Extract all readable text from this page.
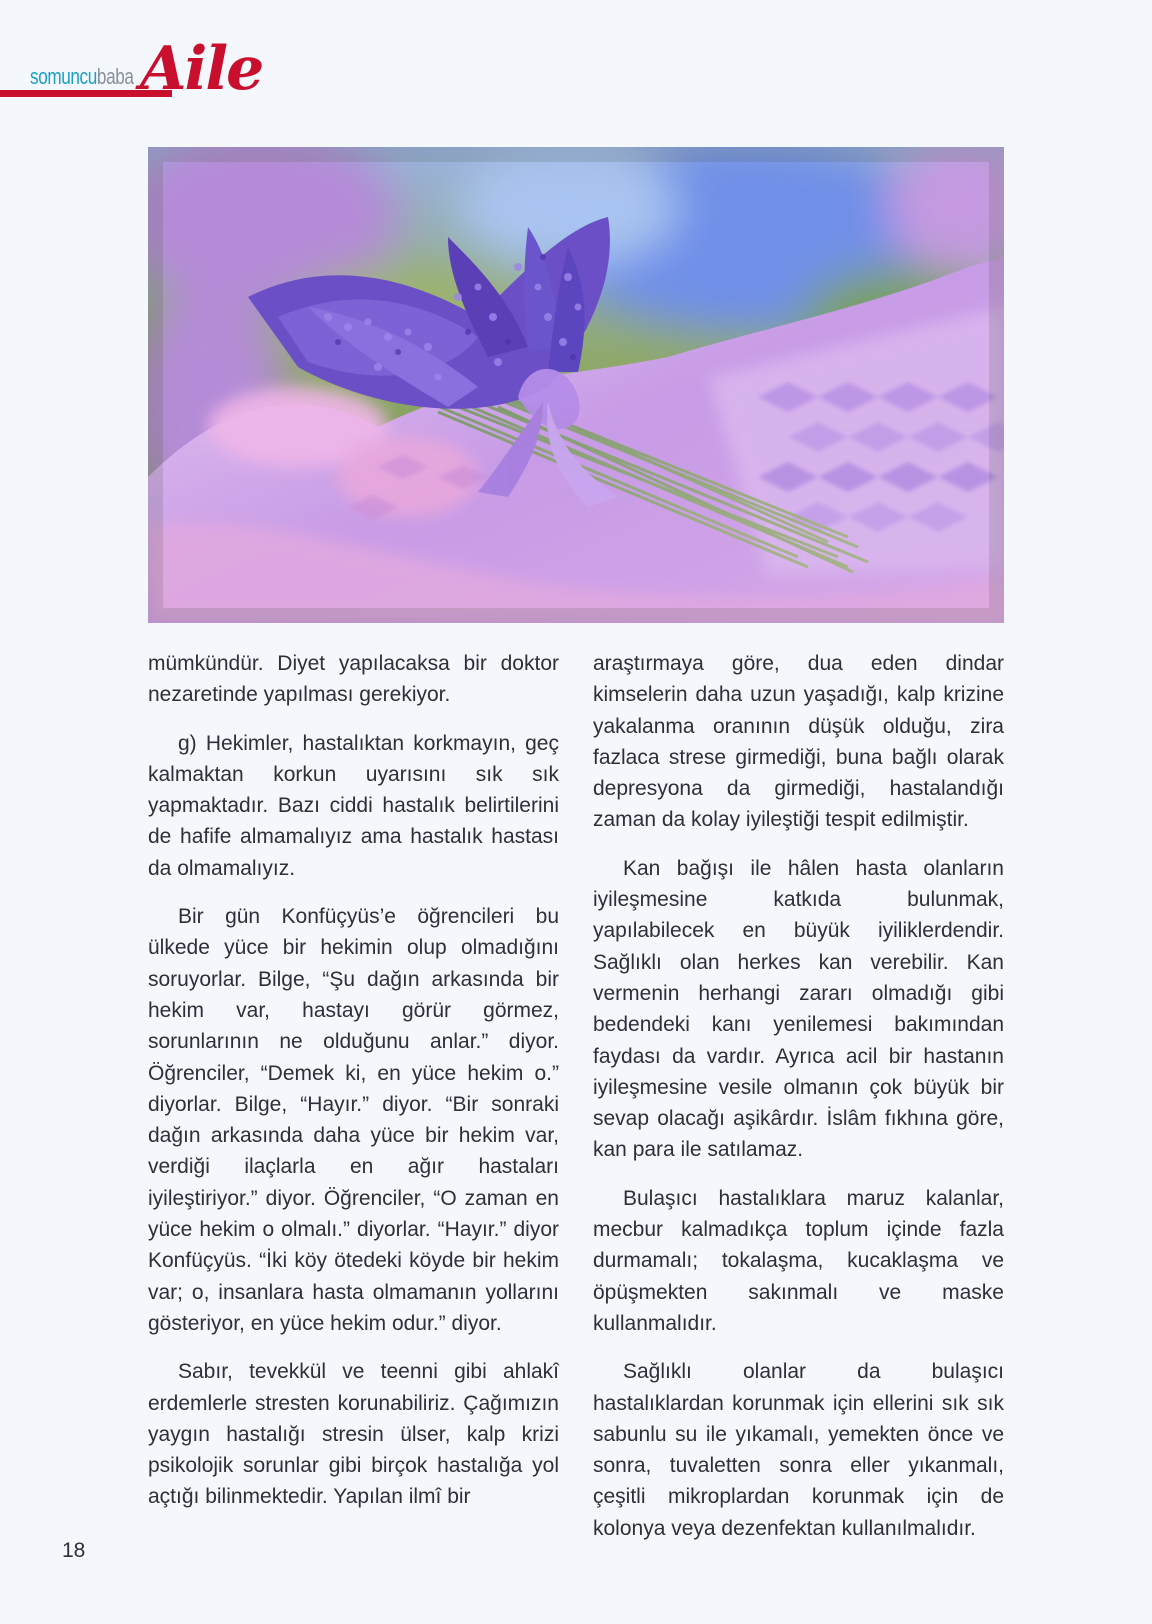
somuncubaba Aile

mümkündür. Diyet yapılacaksa bir doktor nezaretinde yapılması gerekiyor.

g) Hekimler, hastalıktan korkmayın, geç kalmaktan korkun uyarısını sık sık yapmaktadır. Bazı ciddi hastalık belirtilerini de hafife almamalıyız ama hastalık hastası da olmamalıyız.

Bir gün Konfüçyüs’e öğrencileri bu ülkede yüce bir hekimin olup olmadığını soruyorlar. Bilge, “Şu dağın arkasında bir hekim var, hastayı görür görmez, sorunlarının ne olduğunu anlar.” diyor. Öğrenciler, “Demek ki, en yüce hekim o.” diyorlar. Bilge, “Hayır.” diyor. “Bir sonraki dağın arkasında daha yüce bir hekim var, verdiği ilaçlarla en ağır hastaları iyileştiriyor.” diyor. Öğrenciler, “O zaman en yüce hekim o olmalı.” diyorlar. “Hayır.” diyor Konfüçyüs. “İki köy ötedeki köyde bir hekim var; o, insanlara hasta olmamanın yollarını gösteriyor, en yüce hekim odur.” diyor.

Sabır, tevekkül ve teenni gibi ahlakî erdemlerle stresten korunabiliriz. Çağımızın yaygın hastalığı stresin ülser, kalp krizi psikolojik sorunlar gibi birçok hastalığa yol açtığı bilinmektedir. Yapılan ilmî bir

araştırmaya göre, dua eden dindar kimselerin daha uzun yaşadığı, kalp krizine yakalanma oranının düşük olduğu, zira fazlaca strese girmediği, buna bağlı olarak depresyona da girmediği, hastalandığı zaman da kolay iyileştiği tespit edilmiştir.

Kan bağışı ile hâlen hasta olanların iyileşmesine katkıda bulunmak, yapılabilecek en büyük iyiliklerdendir. Sağlıklı olan herkes kan verebilir. Kan vermenin herhangi zararı olmadığı gibi bedendeki kanı yenilemesi bakımından faydası da vardır. Ayrıca acil bir hastanın iyileşmesine vesile olmanın çok büyük bir sevap olacağı aşikârdır. İslâm fıkhına göre, kan para ile satılamaz.

Bulaşıcı hastalıklara maruz kalanlar, mecbur kalmadıkça toplum içinde fazla durmamalı; tokalaşma, kucaklaşma ve öpüşmekten sakınmalı ve maske kullanmalıdır.

Sağlıklı olanlar da bulaşıcı hastalıklardan korunmak için ellerini sık sık sabunlu su ile yıkamalı, yemekten önce ve sonra, tuvaletten sonra eller yıkanmalı, çeşitli mikroplardan korunmak için de kolonya veya dezenfektan kullanılmalıdır.

18
